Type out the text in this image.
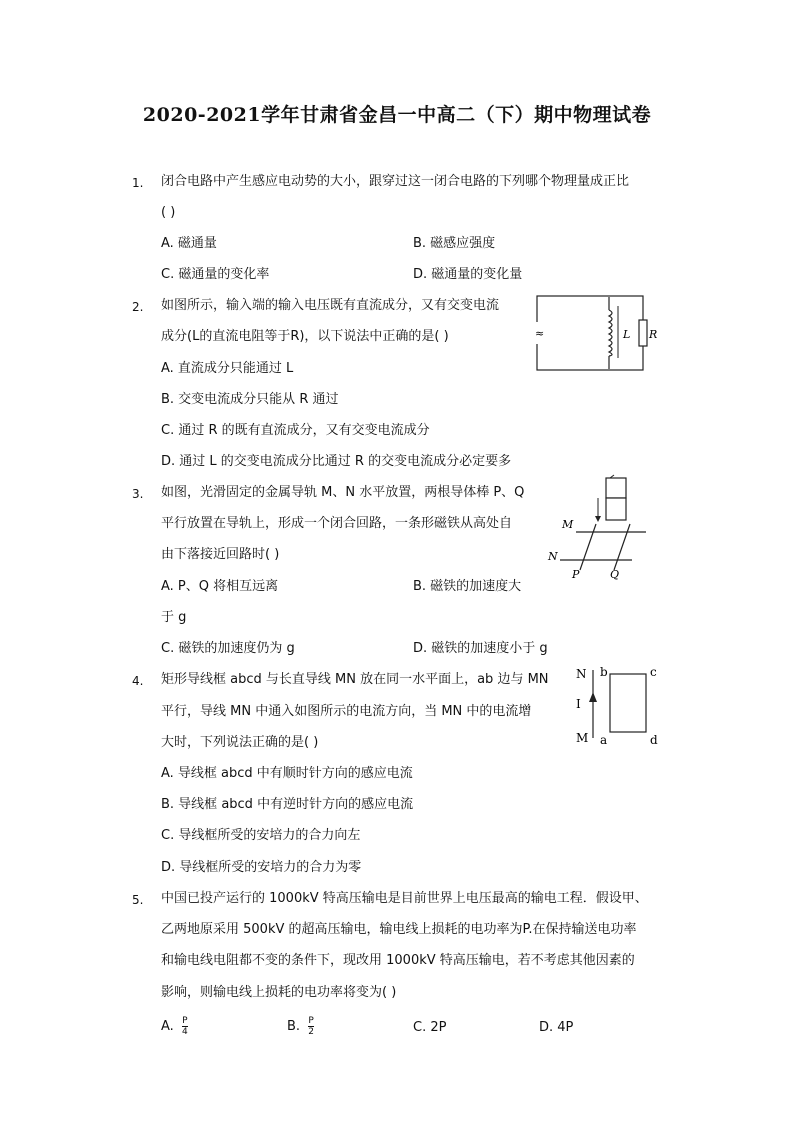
2020-2021学年甘肃省金昌一中高二（下）期中物理试卷
1. 闭合电路中产生感应电动势的大小，跟穿过这一闭合电路的下列哪个物理量成正比
( )
A. 磁通量	B. 磁感应强度
C. 磁通量的变化率	D. 磁通量的变化量
2. 如图所示，输入端的输入电压既有直流成分，又有交变电流
成分(L的直流电阻等于R)，以下说法中正确的是( )
A. 直流成分只能通过 L
B. 交变电流成分只能从 R 通过
C. 通过 R 的既有直流成分，又有交变电流成分
D. 通过 L 的交变电流成分比通过 R 的交变电流成分必定要多
≈	L R
3. 如图，光滑固定的金属导轨 M、N 水平放置，两根导体棒 P、Q
平行放置在导轨上，形成一个闭合回路，一条形磁铁从高处自
由下落接近回路时( )
A. P、Q 将相互远离	B. 磁铁的加速度大
于 g
C. 磁铁的加速度仍为 g	D. 磁铁的加速度小于 g
M
N
P	Q
4. 矩形导线框 abcd 与长直导线 MN 放在同一水平面上，ab 边与 MN
平行，导线 MN 中通入如图所示的电流方向，当 MN 中的电流增
大时，下列说法正确的是( )
A. 导线框 abcd 中有顺时针方向的感应电流
B. 导线框 abcd 中有逆时针方向的感应电流
C. 导线框所受的安培力的合力向左
D. 导线框所受的安培力的合力为零
N
M
I
b	c
a	d
5. 中国已投产运行的 1000kV 特高压输电是目前世界上电压最高的输电工程．假设甲、
乙两地原采用 500kV 的超高压输电，输电线上损耗的电功率为P.在保持输送电功率
和输电线电阻都不变的条件下，现改用 1000kV 特高压输电，若不考虑其他因素的
影响，则输电线上损耗的电功率将变为( )
A. $\frac{P}{4}$	B. $\frac{P}{2}$	C. 2P	D. 4P
